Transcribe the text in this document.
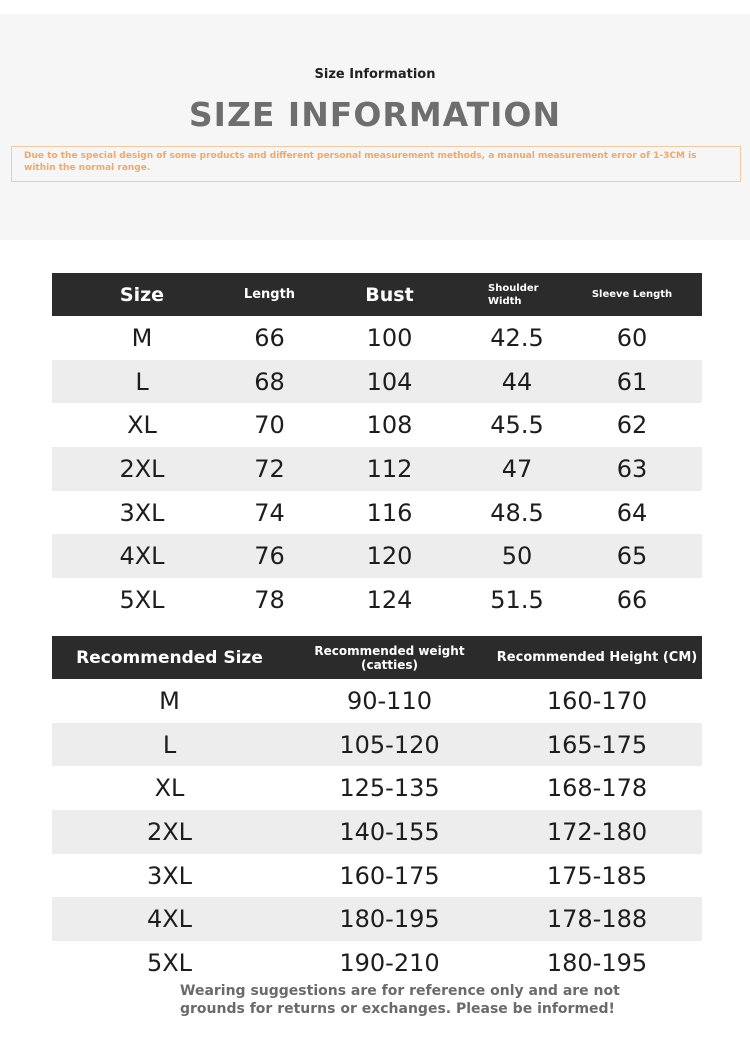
Size Information
SIZE INFORMATION
Due to the special design of some products and different personal measurement methods, a manual measurement error of 1-3CM is within the normal range.
Size	Length	Bust	Shoulder Width	Sleeve Length
M	66	100	42.5	60
L	68	104	44	61
XL	70	108	45.5	62
2XL	72	112	47	63
3XL	74	116	48.5	64
4XL	76	120	50	65
5XL	78	124	51.5	66
Recommended Size	Recommended weight (catties)	Recommended Height (CM)
M	90-110	160-170
L	105-120	165-175
XL	125-135	168-178
2XL	140-155	172-180
3XL	160-175	175-185
4XL	180-195	178-188
5XL	190-210	180-195
Wearing suggestions are for reference only and are not grounds for returns or exchanges. Please be informed!
